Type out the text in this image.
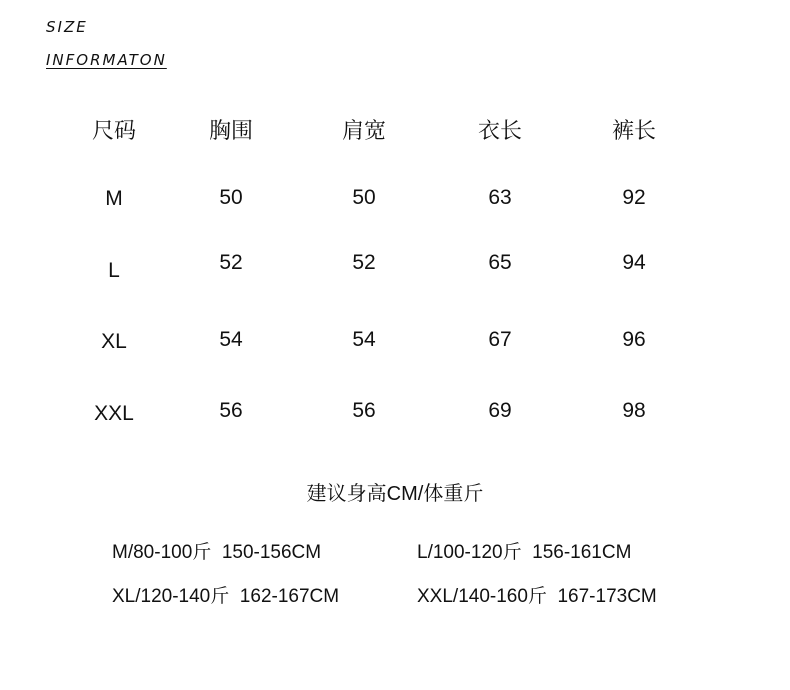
SIZE
INFORMATON
尺码	胸围	肩宽	衣长	裤长
M	50	50	63	92
L	52	52	65	94
XL	54	54	67	96
XXL	56	56	69	98
建议身高CM/体重斤
M/80-100斤  150-156CM	L/100-120斤  156-161CM
XL/120-140斤  162-167CM	XXL/140-160斤  167-173CM
